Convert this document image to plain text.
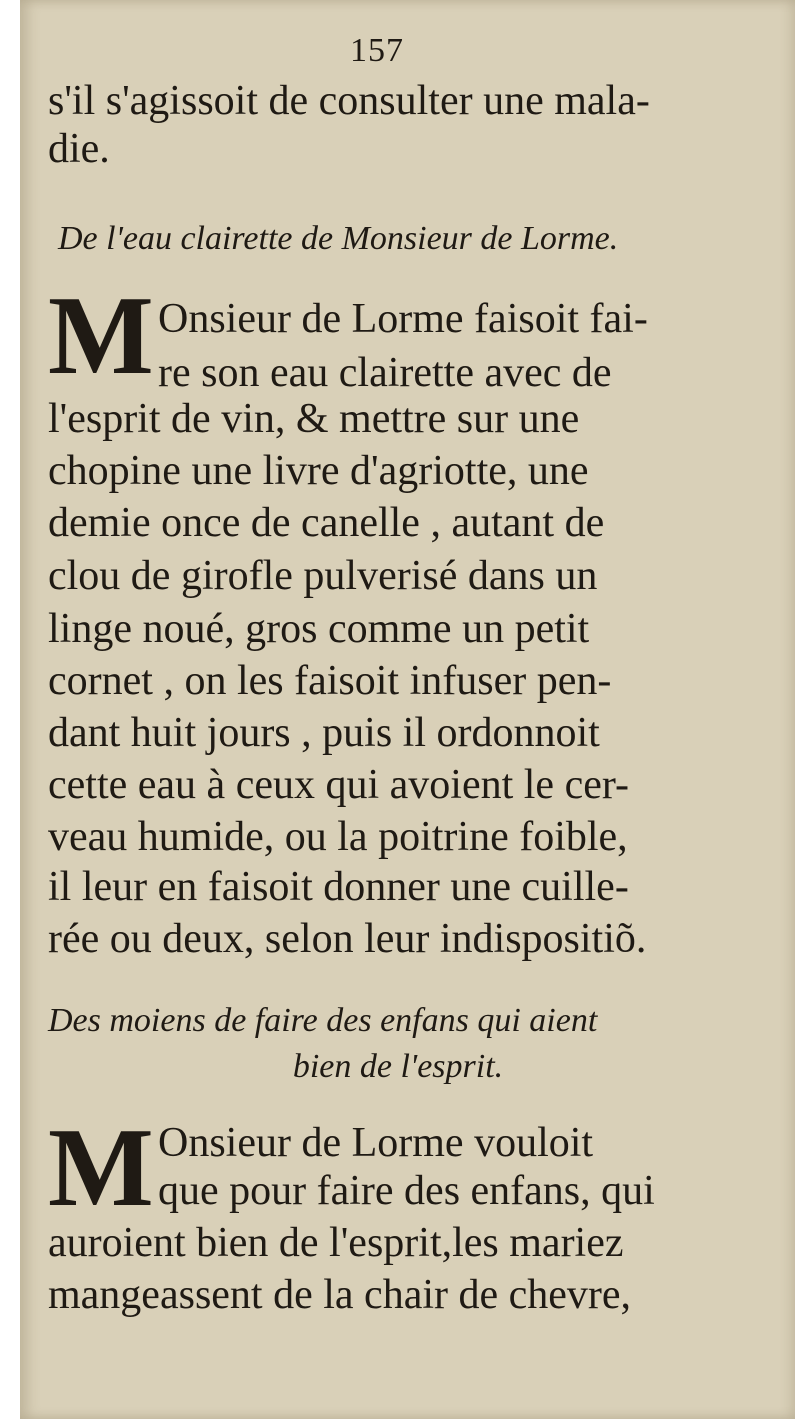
157
s'il s'agissoit de consulter une mala-
die.
De l'eau clairette de Monsieur de Lorme.
M Onsieur de Lorme faisoit fai-
re son eau clairette avec de
l'esprit de vin, & mettre sur une
chopine une livre d'agriotte, une
demie once de canelle , autant de
clou de girofle pulverisé dans un
linge noué, gros comme un petit
cornet , on les faisoit infuser pen-
dant huit jours , puis il ordonnoit
cette eau à ceux qui avoient le cer-
veau humide, ou la poitrine foible,
il leur en faisoit donner une cuille-
rée ou deux, selon leur indispositiõ.
Des moiens de faire des enfans qui aient
bien de l'esprit.
M Onsieur de Lorme vouloit
que pour faire des enfans, qui
auroient bien de l'esprit,les mariez
mangeassent de la chair de chevre,
